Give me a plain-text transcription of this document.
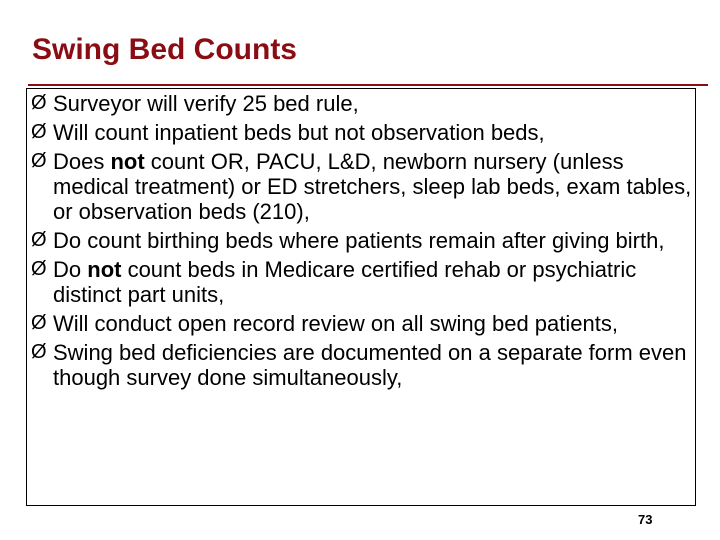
Swing Bed Counts
Ø Surveyor will verify 25 bed rule,
Ø Will count inpatient beds but not observation beds,
Ø Does not count OR, PACU, L&D, newborn nursery (unless medical treatment) or ED stretchers, sleep lab beds, exam tables, or observation beds (210),
Ø Do count birthing beds where patients remain after giving birth,
Ø Do not count beds in Medicare certified rehab or psychiatric distinct part units,
Ø Will conduct open record review on all swing bed patients,
Ø Swing bed deficiencies are documented on a separate form even though survey done simultaneously,
73
